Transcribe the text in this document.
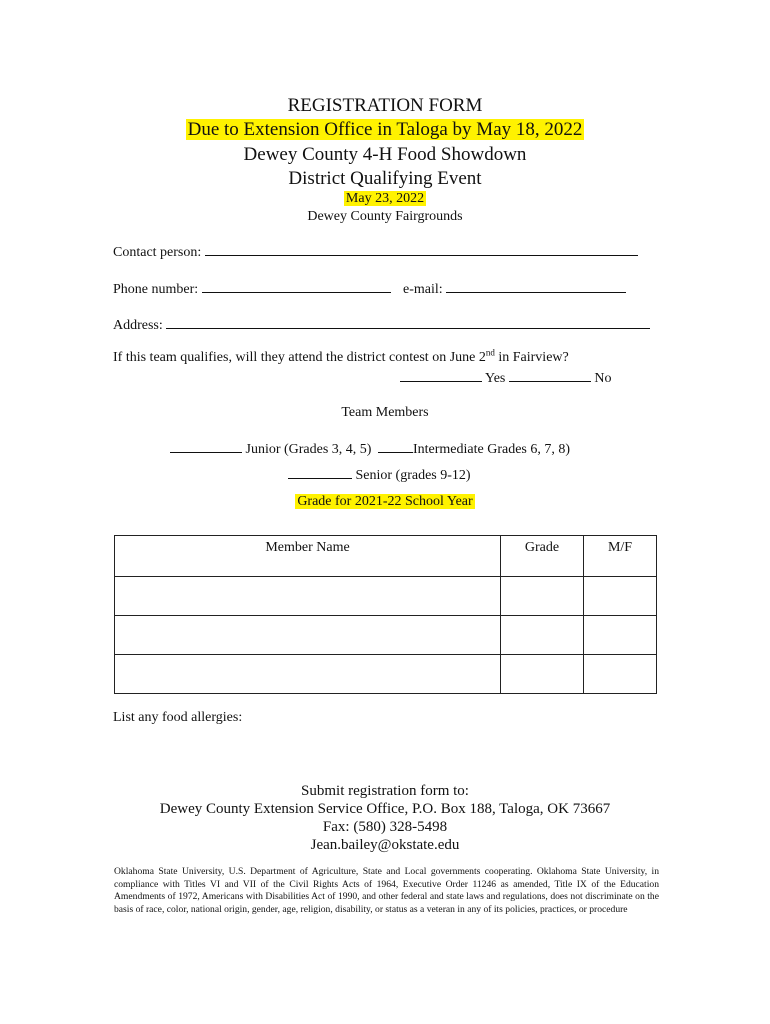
REGISTRATION FORM
Due to Extension Office in Taloga by May 18, 2022
Dewey County 4-H Food Showdown
District Qualifying Event
May 23, 2022
Dewey County Fairgrounds
Contact person:
Phone number:	e-mail:
Address:
If this team qualifies, will they attend the district contest on June 2nd in Fairview?
Yes	No
Team Members
Junior (Grades 3, 4, 5)	Intermediate Grades 6, 7, 8)
Senior (grades 9-12)
Grade for 2021-22 School Year
Member Name	Grade	M/F

List any food allergies:
Submit registration form to:
Dewey County Extension Service Office, P.O. Box 188, Taloga, OK 73667
Fax: (580) 328-5498
Jean.bailey@okstate.edu
Oklahoma State University, U.S. Department of Agriculture, State and Local governments cooperating. Oklahoma State University, in compliance with Titles VI and VII of the Civil Rights Acts of 1964, Executive Order 11246 as amended, Title IX of the Education Amendments of 1972, Americans with Disabilities Act of 1990, and other federal and state laws and regulations, does not discriminate on the basis of race, color, national origin, gender, age, religion, disability, or status as a veteran in any of its policies, practices, or procedure
